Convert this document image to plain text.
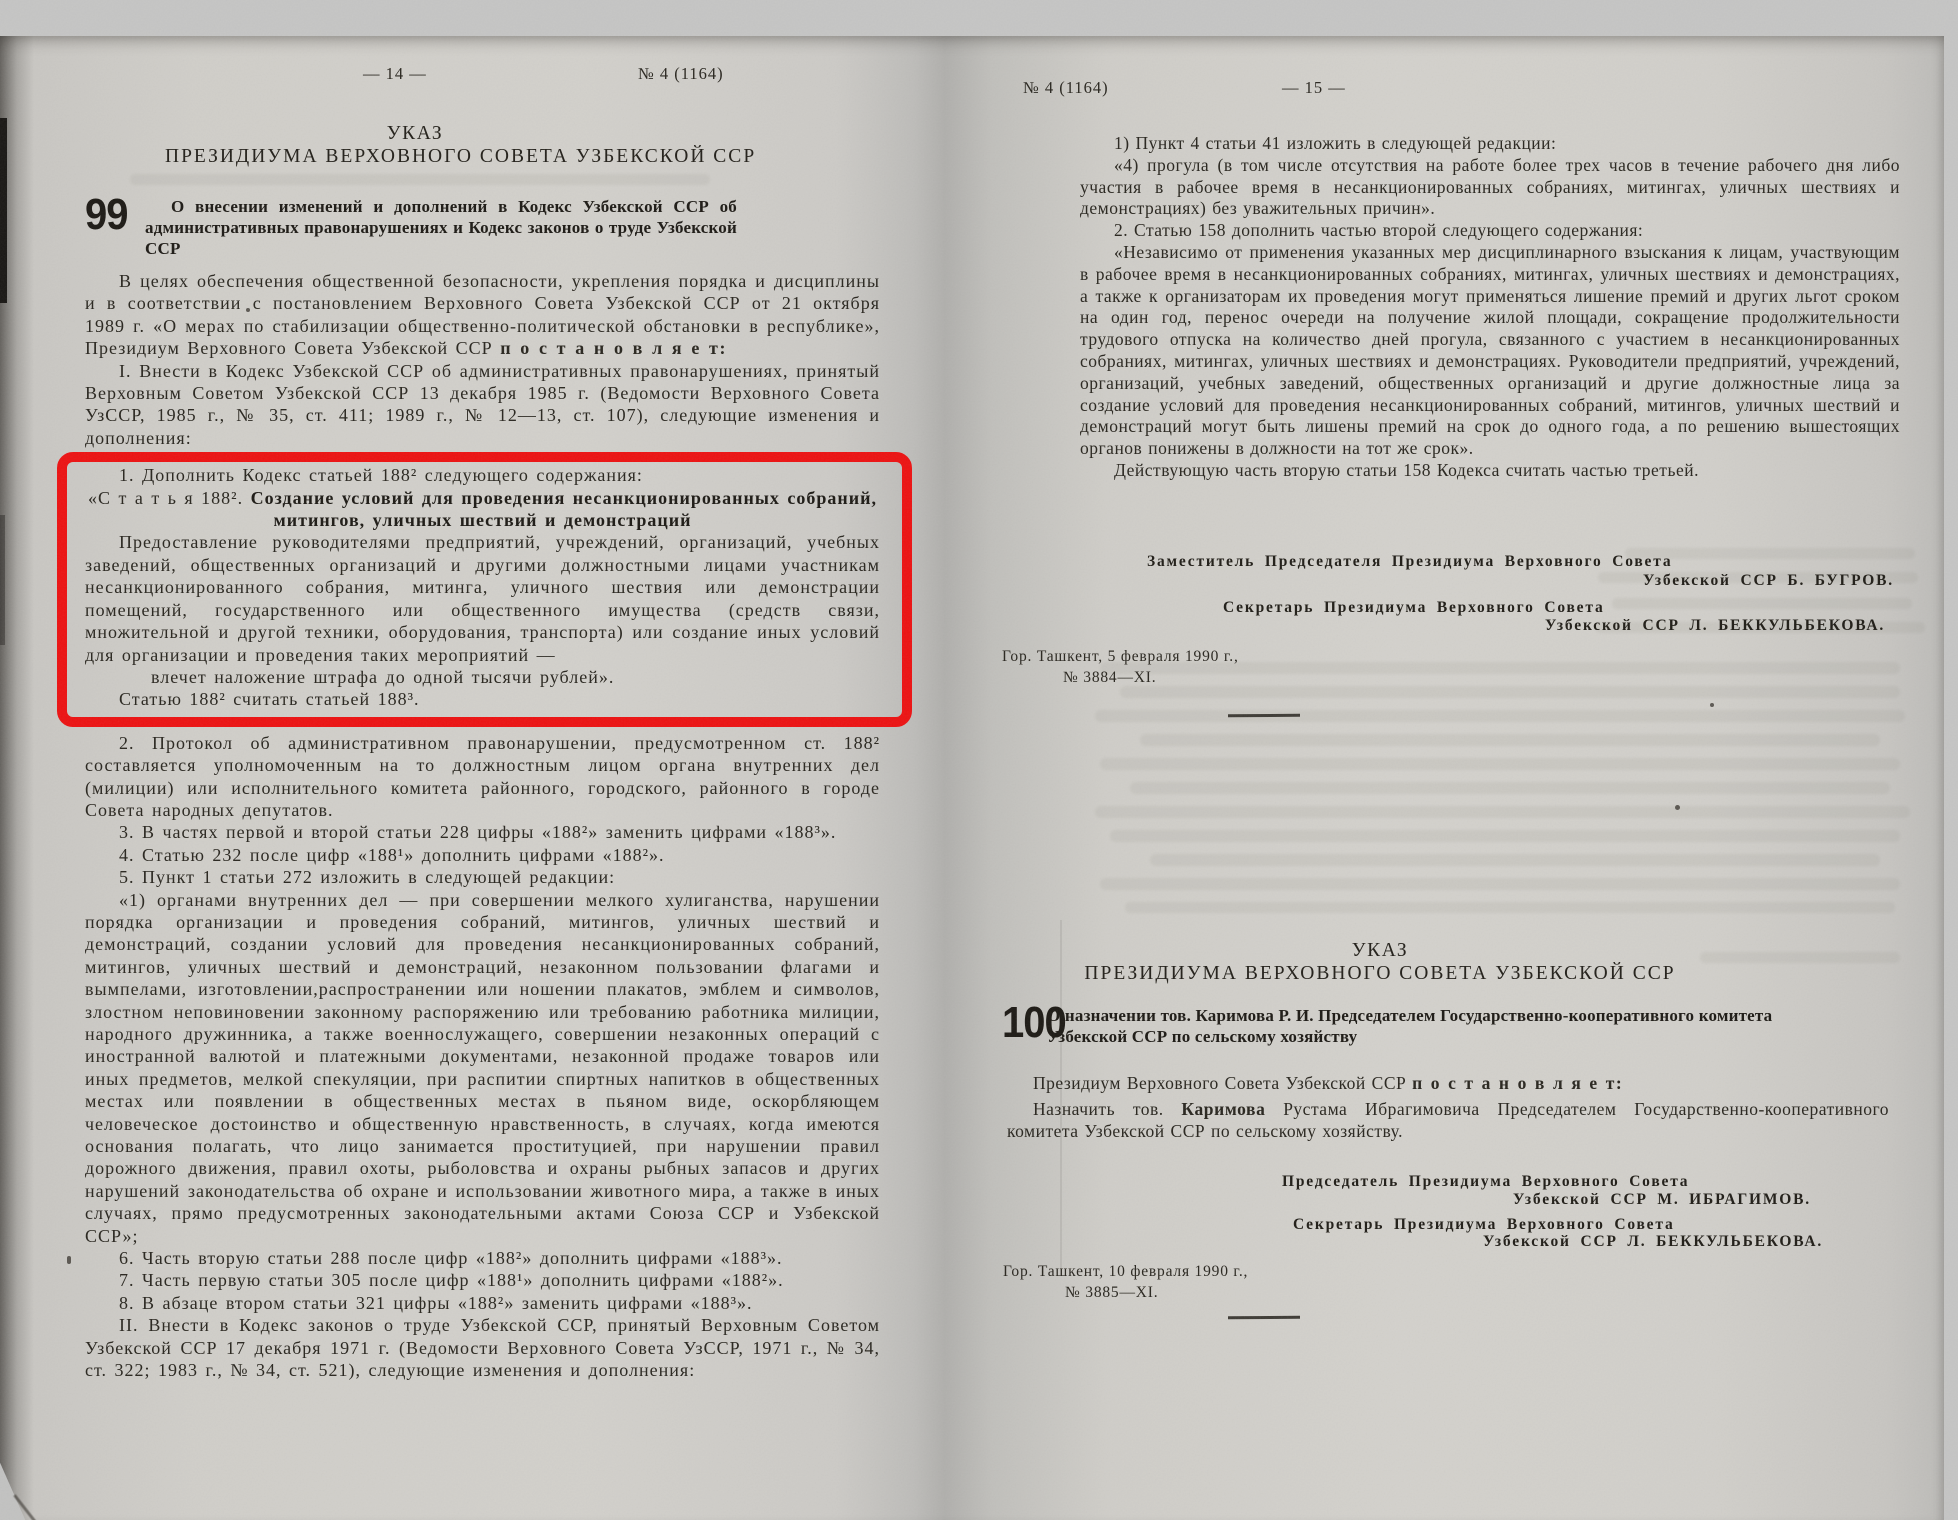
— 14 —	№ 4 (1164)
УКАЗ
ПРЕЗИДИУМА ВЕРХОВНОГО СОВЕТА УЗБЕКСКОЙ ССР
99	О внесении изменений и дополнений в Кодекс Узбекской ССР об административных правонарушениях и Кодекс законов о труде Узбекской ССР

В целях обеспечения общественной безопасности, укрепления порядка и дисциплины и в соответствии с постановлением Верховного Совета Узбекской ССР от 21 октября 1989 г. «О мерах по стабилизации общественно-политической обстановки в республике», Президиум Верховного Совета Узбекской ССР п о с т а н о в л я е т:

I. Внести в Кодекс Узбекской ССР об административных правонарушениях, принятый Верховным Советом Узбекской ССР 13 декабря 1985 г. (Ведомости Верховного Совета УзССР, 1985 г., № 35, ст. 411; 1989 г., № 12—13, ст. 107), следующие изменения и дополнения:

1. Дополнить Кодекс статьей 188² следующего содержания:

«С т а т ь я 188². Создание условий для проведения несанкционированных собраний, митингов, уличных шествий и демонстраций

Предоставление руководителями предприятий, учреждений, организаций, учебных заведений, общественных организаций и другими должностными лицами участникам несанкционированного собрания, митинга, уличного шествия или демонстрации помещений, государственного или общественного имущества (средств связи, множительной и другой техники, оборудования, транспорта) или создание иных условий для организации и проведения таких мероприятий —

влечет наложение штрафа до одной тысячи рублей».

Статью 188² считать статьей 188³.

2. Протокол об административном правонарушении, предусмотренном ст. 188² составляется уполномоченным на то должностным лицом органа внутренних дел (милиции) или исполнительного комитета районного, городского, районного в городе Совета народных депутатов.

3. В частях первой и второй статьи 228 цифры «188²» заменить цифрами «188³».

4. Статью 232 после цифр «188¹» дополнить цифрами «188²».

5. Пункт 1 статьи 272 изложить в следующей редакции:

«1) органами внутренних дел — при совершении мелкого хулиганства, нарушении порядка организации и проведения собраний, митингов, уличных шествий и демонстраций, создании условий для проведения несанкционированных собраний, митингов, уличных шествий и демонстраций, незаконном пользовании флагами и вымпелами, изготовлении,распространении или ношении плакатов, эмблем и символов, злостном неповиновении законному распоряжению или требованию работника милиции, народного дружинника, а также военнослужащего, совершении незаконных операций с иностранной валютой и платежными документами, незаконной продаже товаров или иных предметов, мелкой спекуляции, при распитии спиртных напитков в общественных местах или появлении в общественных местах в пьяном виде, оскорбляющем человеческое достоинство и общественную нравственность, в случаях, когда имеются основания полагать, что лицо занимается проституцией, при нарушении правил дорожного движения, правил охоты, рыболовства и охраны рыбных запасов и других нарушений законодательства об охране и использовании животного мира, а также в иных случаях, прямо предусмотренных законодательными актами Союза ССР и Узбекской ССР»;

6. Часть вторую статьи 288 после цифр «188²» дополнить цифрами «188³».

7. Часть первую статьи 305 после цифр «188¹» дополнить цифрами «188²».

8. В абзаце втором статьи 321 цифры «188²» заменить цифрами «188³».

II. Внести в Кодекс законов о труде Узбекской ССР, принятый Верховным Советом Узбекской ССР 17 декабря 1971 г. (Ведомости Верховного Совета УзССР, 1971 г., № 34, ст. 322; 1983 г., № 34, ст. 521), следующие изменения и дополнения:

№ 4 (1164)	— 15 —

1) Пункт 4 статьи 41 изложить в следующей редакции:

«4) прогула (в том числе отсутствия на работе более трех часов в течение рабочего дня либо участия в рабочее время в несанкционированных собраниях, митингах, уличных шествиях и демонстрациях) без уважительных причин».

2. Статью 158 дополнить частью второй следующего содержания:

«Независимо от применения указанных мер дисциплинарного взыскания к лицам, участвующим в рабочее время в несанкционированных собраниях, митингах, уличных шествиях и демонстрациях, а также к организаторам их проведения могут применяться лишение премий и других льгот сроком на один год, перенос очереди на получение жилой площади, сокращение продолжительности трудового отпуска на количество дней прогула, связанного с участием в несанкционированных собраниях, митингах, уличных шествиях и демонстрациях. Руководители предприятий, учреждений, организаций, учебных заведений, общественных организаций и другие должностные лица за создание условий для проведения несанкционированных собраний, митингов, уличных шествий и демонстраций могут быть лишены премий на срок до одного года, а по решению вышестоящих органов понижены в должности на тот же срок».

Действующую часть вторую статьи 158 Кодекса считать частью третьей.

Заместитель Председателя Президиума Верховного Совета
Узбекской ССР Б. БУГРОВ.
Секретарь Президиума Верховного Совета
Узбекской ССР Л. БЕККУЛЬБЕКОВА.
Гор. Ташкент, 5 февраля 1990 г.,
№ 3884—XI.
УКАЗ
ПРЕЗИДИУМА ВЕРХОВНОГО СОВЕТА УЗБЕКСКОЙ ССР
100
О назначении тов. Каримова Р. И. Председателем Государственно-кооперативного комитета Узбекской ССР по сельскому хозяйству

Президиум Верховного Совета Узбекской ССР п о с т а н о в л я е т:

Назначить тов. Каримова Рустама Ибрагимовича Председателем Государственно-кооперативного комитета Узбекской ССР по сельскому хозяйству.

Председатель Президиума Верховного Совета
Узбекской ССР М. ИБРАГИМОВ.
Секретарь Президиума Верховного Совета
Узбекской ССР Л. БЕККУЛЬБЕКОВА.
Гор. Ташкент, 10 февраля 1990 г.,
№ 3885—XI.
